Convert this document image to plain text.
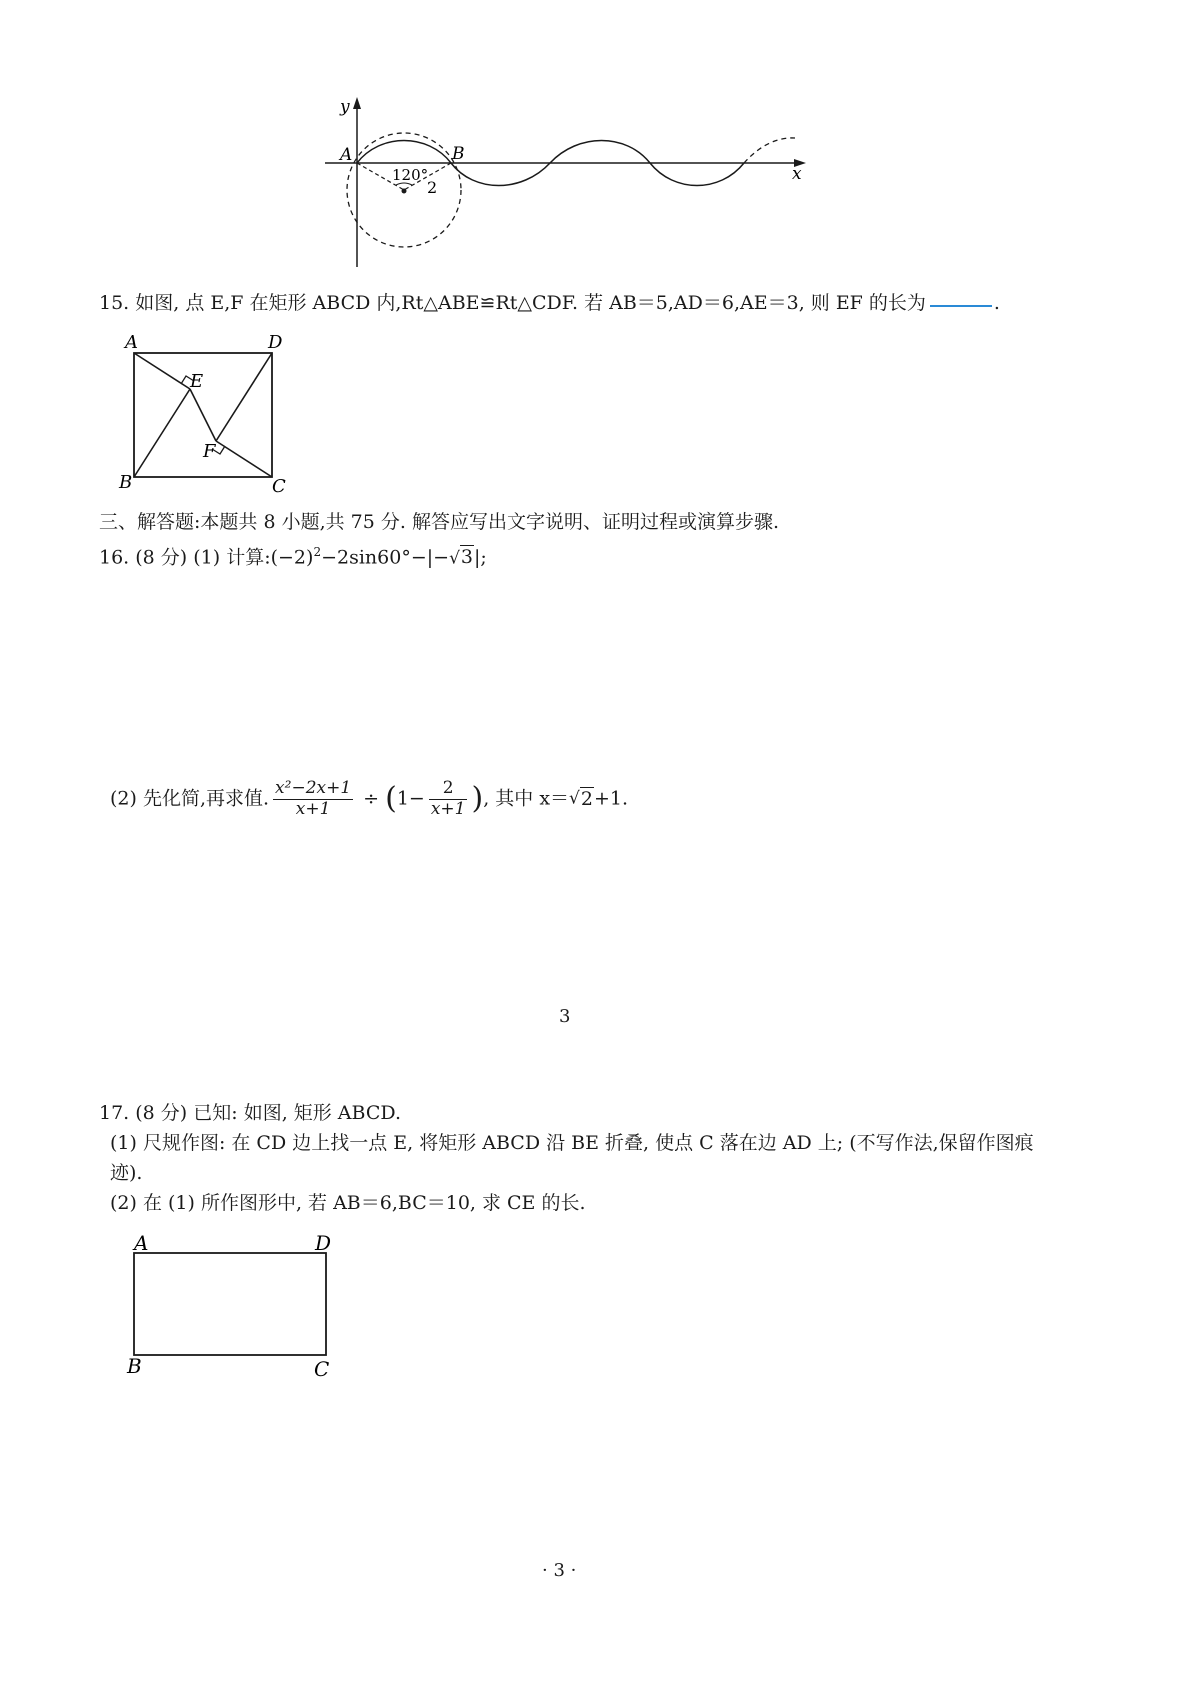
y
x
120°
2
A	B
15. 如图, 点 E,F 在矩形 ABCD 内,Rt△ABE≌Rt△CDF. 若 AB＝5,AD＝6,AE＝3, 则 EF 的长为	.
A	D
B	C
E
F
三、解答题:本题共 8 小题,共 75 分. 解答应写出文字说明、证明过程或演算步骤.
16. (8 分) (1) 计算$:(-2)^2-2\sin 60^\circ-|-√3|$;
(2) 先化简,再求值. $\frac{\text{x²−2x+1}}{x+1} \div (1- \frac{2}{x+1}$ ), 其中 x＝√2+1.
3
17. (8 分) 已知: 如图, 矩形 ABCD.
(1) 尺规作图: 在 CD 边上找一点 E, 将矩形 ABCD 沿 BE 折叠, 使点 C 落在边 AD 上; (不写作法,保留作图痕
迹).
(2) 在 (1) 所作图形中, 若 AB＝6,BC＝10, 求 CE 的长.
A	D
B	C
· 3 ·
